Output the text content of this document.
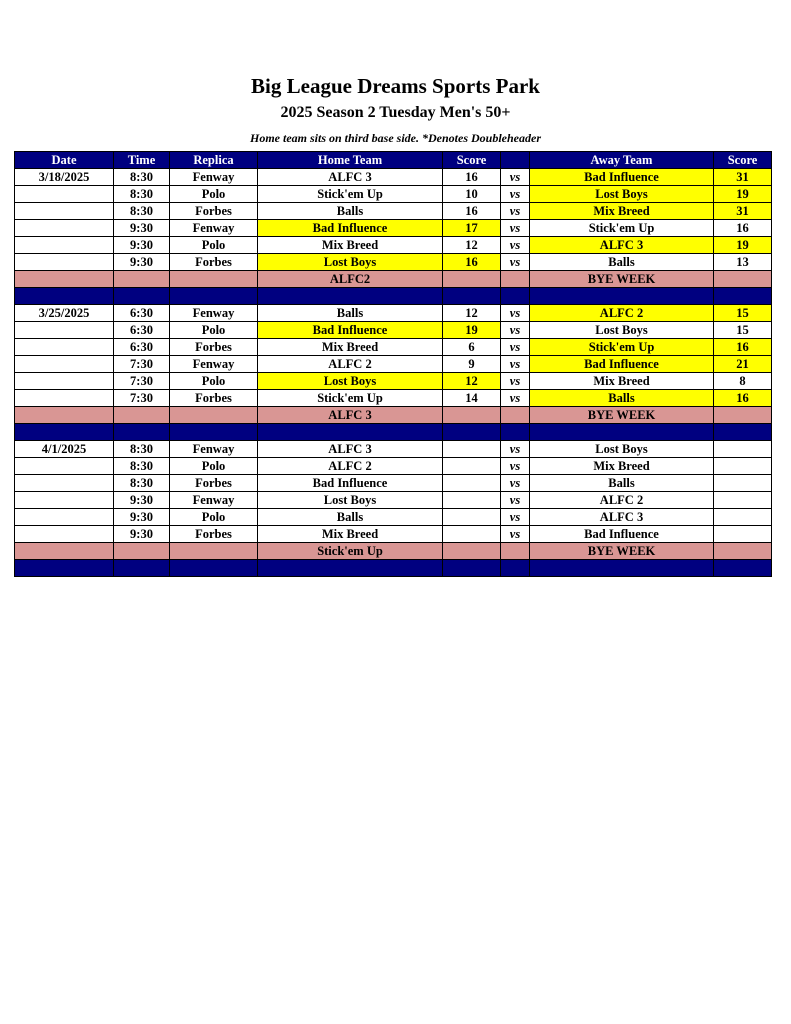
Big League Dreams Sports Park
2025 Season 2 Tuesday Men's 50+
Home team sits on third base side. *Denotes Doubleheader
Date	Time	Replica	Home Team	Score		Away Team	Score
3/18/2025	8:30	Fenway	ALFC 3	16	vs	Bad Influence	31
	8:30	Polo	Stick'em Up	10	vs	Lost Boys	19
	8:30	Forbes	Balls	16	vs	Mix Breed	31
	9:30	Fenway	Bad Influence	17	vs	Stick'em Up	16
	9:30	Polo	Mix Breed	12	vs	ALFC 3	19
	9:30	Forbes	Lost Boys	16	vs	Balls	13
			ALFC2			BYE WEEK	

3/25/2025	6:30	Fenway	Balls	12	vs	ALFC 2	15
	6:30	Polo	Bad Influence	19	vs	Lost Boys	15
	6:30	Forbes	Mix Breed	6	vs	Stick'em Up	16
	7:30	Fenway	ALFC 2	9	vs	Bad Influence	21
	7:30	Polo	Lost Boys	12	vs	Mix Breed	8
	7:30	Forbes	Stick'em Up	14	vs	Balls	16
			ALFC 3			BYE WEEK	

4/1/2025	8:30	Fenway	ALFC 3		vs	Lost Boys	
	8:30	Polo	ALFC 2		vs	Mix Breed	
	8:30	Forbes	Bad Influence		vs	Balls	
	9:30	Fenway	Lost Boys		vs	ALFC 2	
	9:30	Polo	Balls		vs	ALFC 3	
	9:30	Forbes	Mix Breed		vs	Bad Influence	
			Stick'em Up			BYE WEEK	
